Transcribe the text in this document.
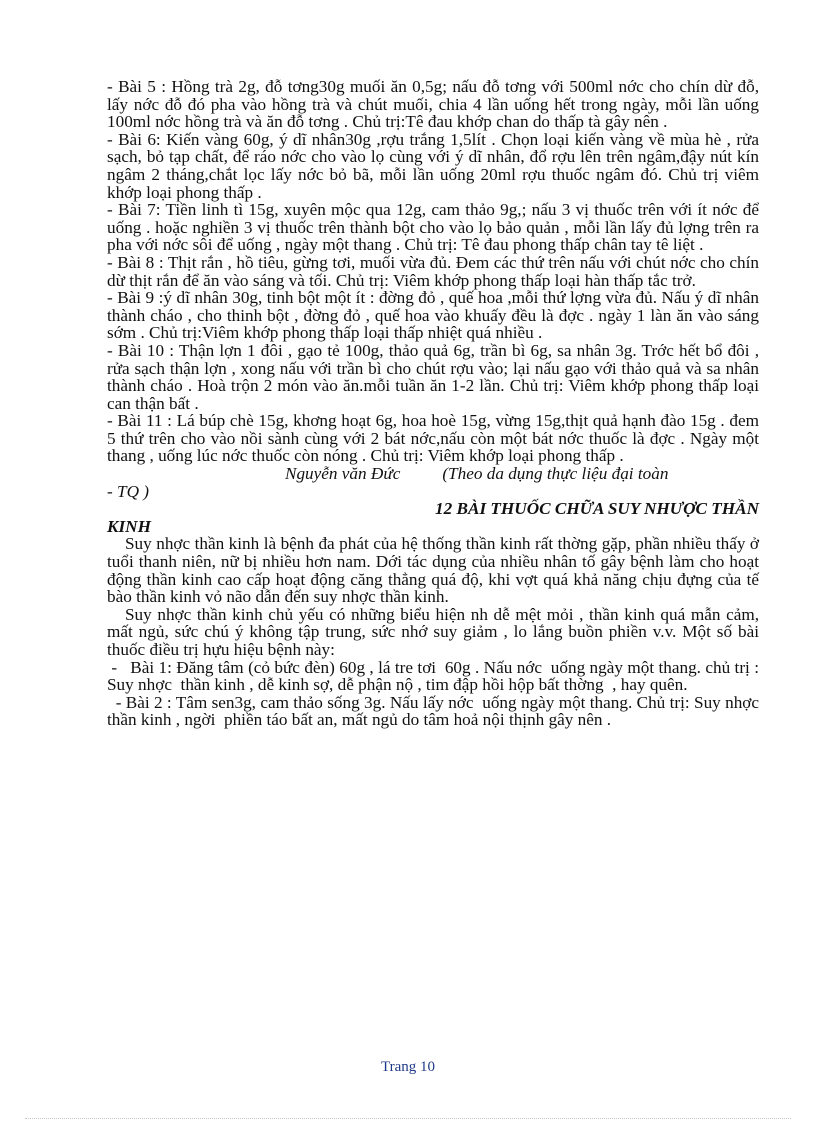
- Bài 5 : Hồng trà 2g, đỗ tơng30g muối ăn 0,5g; nấu đỗ tơng với 500ml nớc cho chín dừ đỗ, lấy nớc đỗ đó pha vào hồng trà và chút muối, chia 4 lần uống hết trong ngày, mỗi lần uống 100ml nớc hồng trà và ăn đỗ tơng . Chủ trị:Tê đau khớp chan do thấp tà gây nên .

- Bài 6: Kiến vàng 60g, ý dĩ nhân30g ,rợu trắng 1,5lít . Chọn loại kiến vàng về mùa hè , rửa sạch, bỏ tạp chất, để ráo nớc cho vào lọ cùng với ý dĩ nhân, đổ rợu lên trên ngâm,đậy nút kín ngâm 2 tháng,chắt lọc lấy nớc bỏ bã, mỗi lần uống 20ml rợu thuốc ngâm đó. Chủ trị viêm khớp loại phong thấp .

- Bài 7: Tiền linh tì 15g, xuyên mộc qua 12g, cam thảo 9g,; nấu 3 vị thuốc trên với ít nớc để uống . hoặc nghiền 3 vị thuốc trên thành bột cho vào lọ bảo quản , mỗi lần lấy đủ lợng trên ra pha với nớc sôi để uống , ngày một thang . Chủ trị: Tê đau phong thấp chân tay tê liệt .

- Bài 8 : Thịt rắn , hồ tiêu, gừng tơi, muối vừa đủ. Đem các thứ trên nấu với chút nớc cho chín dừ thịt rắn để ăn vào sáng và tối. Chủ trị: Viêm khớp phong thấp loại hàn thấp tắc trở.

- Bài 9 :ý dĩ nhân 30g, tinh bột một ít : đờng đỏ , quế hoa ,mỗi thứ lợng vừa đủ. Nấu ý dĩ nhân thành cháo , cho thinh bột , đờng đỏ , quế hoa vào khuấy đều là đợc . ngày 1 làn ăn vào sáng sớm . Chủ trị:Viêm khớp phong thấp loại thấp nhiệt quá nhiều .

- Bài 10 : Thận lợn 1 đôi , gạo tẻ 100g, thảo quả 6g, trần bì 6g, sa nhân 3g. Trớc hết bổ đôi , rửa sạch thận lợn , xong nấu với trần bì cho chút rợu vào; lại nấu gạo với thảo quả và sa nhân thành cháo . Hoà trộn 2 món vào ăn.mỗi tuần ăn 1-2 lần. Chủ trị: Viêm khớp phong thấp loại can thận bất .

- Bài 11 : Lá búp chè 15g, khơng hoạt 6g, hoa hoè 15g, vừng 15g,thịt quả hạnh đào 15g . đem 5 thứ trên cho vào nồi sành cùng với 2 bát nớc,nấu còn một bát nớc thuốc là đợc . Ngày một thang , uống lúc nớc thuốc còn nóng . Chủ trị: Viêm khớp loại phong thấp .

Nguyễn văn Đức (Theo da dụng thực liệu đại toàn

- TQ )

12 BÀI THUỐC CHỮA SUY NHƯỢC THẦN
KINH

Suy nhợc thần kinh là bệnh đa phát của hệ thống thần kinh rất thờng gặp, phần nhiều thấy ở tuổi thanh niên, nữ bị nhiều hơn nam. Dới tác dụng của nhiều nhân tố gây bệnh làm cho hoạt động thần kinh cao cấp hoạt động căng thẳng quá độ, khi vợt quá khả năng chịu đựng của tế bào thần kinh vỏ não dẫn đến suy nhợc thần kinh.

Suy nhợc thần kinh chủ yếu có những biểu hiện nh dễ mệt mỏi , thần kinh quá mẫn cảm, mất ngủ, sức chú ý không tập trung, sức nhớ suy giảm , lo lắng buồn phiền v.v. Một số bài thuốc điều trị hựu hiệu bệnh này:

-   Bài 1: Đăng tâm (cỏ bức đèn) 60g , lá tre tơi  60g . Nấu nớc  uống ngày một thang. chủ trị : Suy nhợc  thần kinh , dễ kinh sợ, dễ phận nộ , tim đập hồi hộp bất thờng  , hay quên.

- Bài 2 : Tâm sen3g, cam thảo sống 3g. Nấu lấy nớc  uống ngày một thang. Chủ trị: Suy nhợc  thần kinh , ngời  phiền táo bất an, mất ngủ do tâm hoả nội thịnh gây nên .

Trang 10
